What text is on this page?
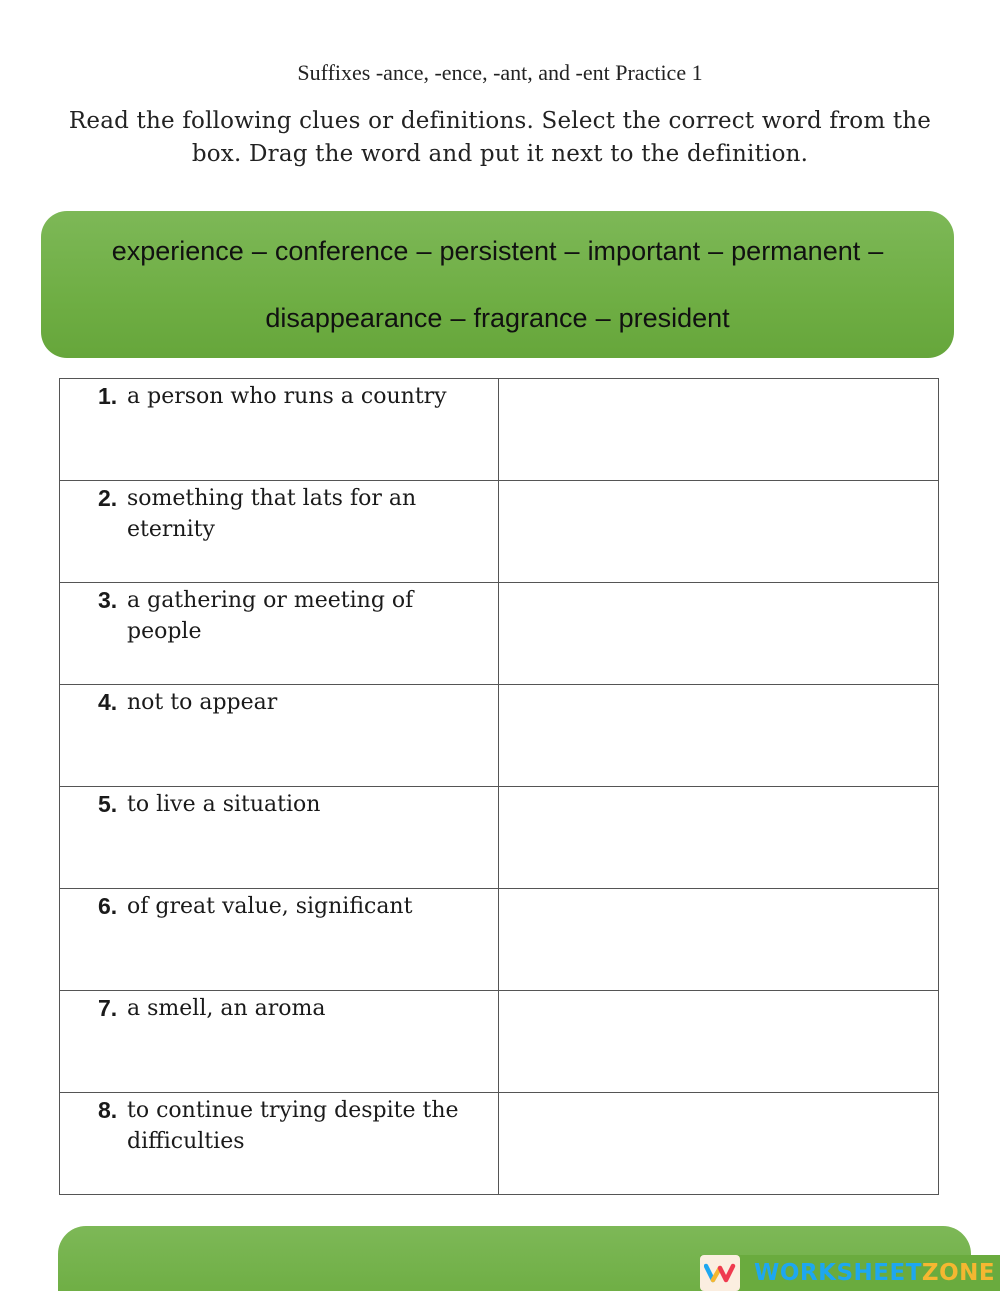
Suffixes -ance, -ence, -ant, and -ent Practice 1
Read the following clues or definitions. Select the correct word from the box. Drag the word and put it next to the definition.
experience – conference – persistent – important – permanent –
disappearance – fragrance – president
1. a person who runs a country	

2. something that lats for an eternity	

3. a gathering or meeting of people	

4. not to appear	

5. to live a situation	

6. of great value, significant	

7. a smell, an aroma	

8. to continue trying despite the difficulties	

WORKSHEETZONE
